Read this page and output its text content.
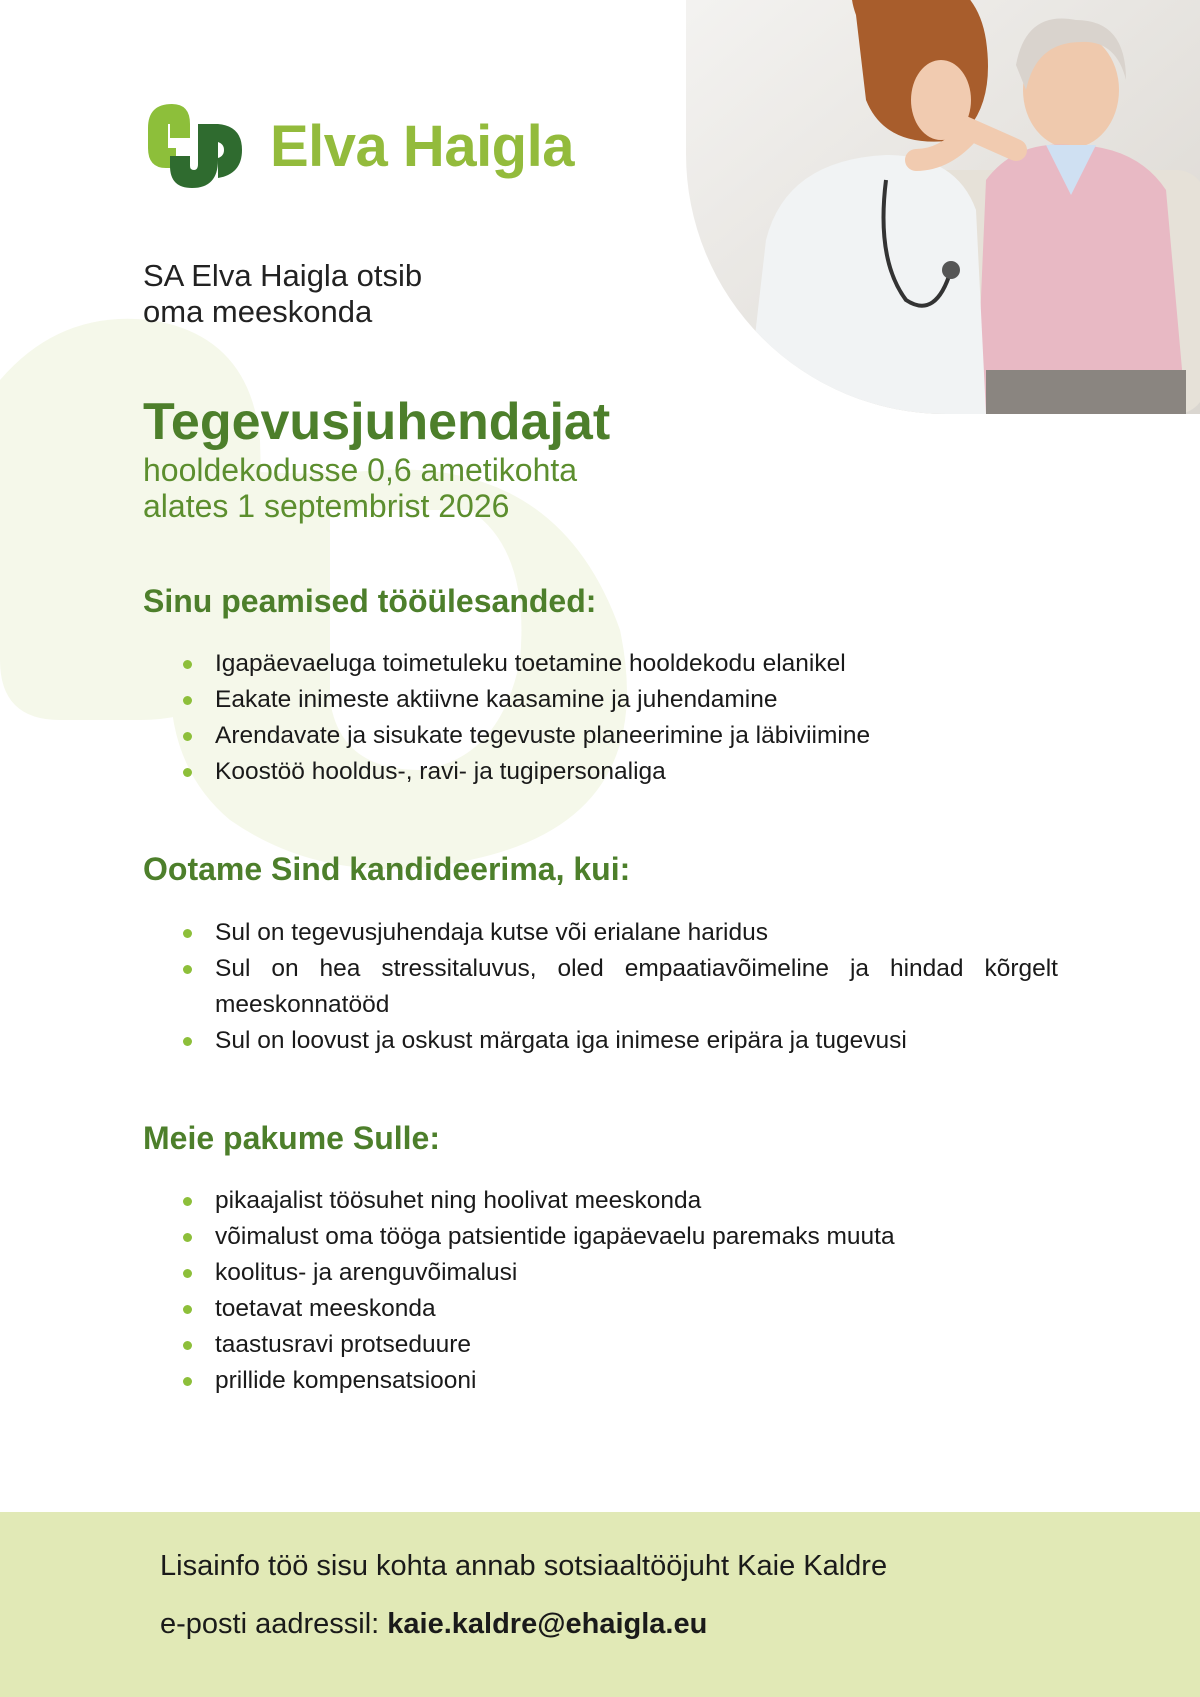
Elva Haigla

SA Elva Haigla otsib

oma meeskonda

Tegevusjuhendajat

hooldekodusse 0,6 ametikohta

alates 1 septembrist 2026

Sinu peamised tööülesanded:
Igapäevaeluga toimetuleku toetamine hooldekodu elanikel
Eakate inimeste aktiivne kaasamine ja juhendamine
Arendavate ja sisukate tegevuste planeerimine ja läbiviimine
Koostöö hooldus-, ravi- ja tugipersonaliga
Ootame Sind kandideerima, kui:
Sul on tegevusjuhendaja kutse või erialane haridus
Sul on hea stressitaluvus, oled empaatiavõimeline ja hindad kõrgelt meeskonnatööd
Sul on loovust ja oskust märgata iga inimese eripära ja tugevusi
Meie pakume Sulle:
pikaajalist töösuhet ning hoolivat meeskonda
võimalust oma tööga patsientide igapäevaelu paremaks muuta
koolitus- ja arenguvõimalusi
toetavat meeskonda
taastusravi protseduure
prillide kompensatsiooni
Lisainfo töö sisu kohta annab sotsiaaltööjuht Kaie Kaldre
e-posti aadressil: kaie.kaldre@ehaigla.eu
